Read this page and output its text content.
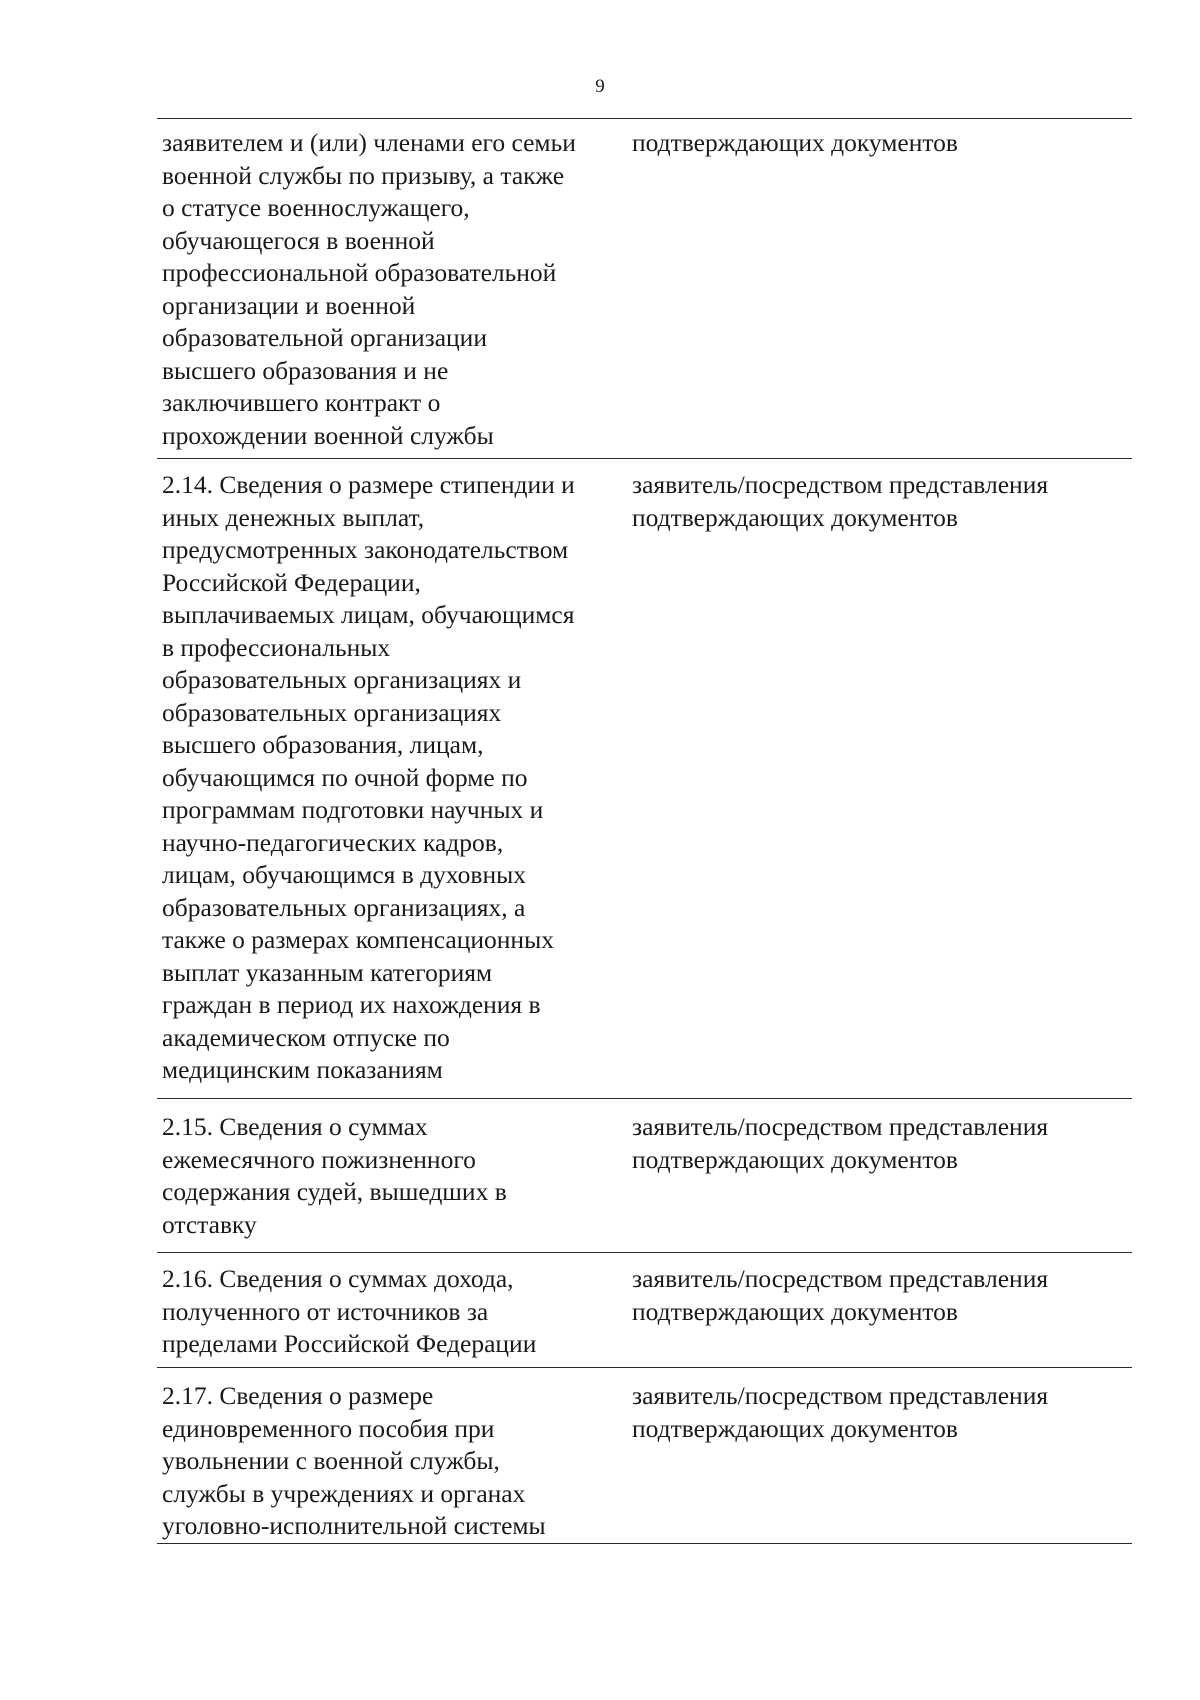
9
заявителем и (или) членами его семьи
военной службы по призыву, а также
о статусе военнослужащего,
обучающегося в военной
профессиональной образовательной
организации и военной
образовательной организации
высшего образования и не
заключившего контракт о
прохождении военной службы
подтверждающих документов
2.14. Сведения о размере стипендии и
иных денежных выплат,
предусмотренных законодательством
Российской Федерации,
выплачиваемых лицам, обучающимся
в профессиональных
образовательных организациях и
образовательных организациях
высшего образования, лицам,
обучающимся по очной форме по
программам подготовки научных и
научно-педагогических кадров,
лицам, обучающимся в духовных
образовательных организациях, а
также о размерах компенсационных
выплат указанным категориям
граждан в период их нахождения в
академическом отпуске по
медицинским показаниям
заявитель/посредством представления
подтверждающих документов
2.15. Сведения о суммах
ежемесячного пожизненного
содержания судей, вышедших в
отставку
заявитель/посредством представления
подтверждающих документов
2.16. Сведения о суммах дохода,
полученного от источников за
пределами Российской Федерации
заявитель/посредством представления
подтверждающих документов
2.17. Сведения о размере
единовременного пособия при
увольнении с военной службы,
службы в учреждениях и органах
уголовно-исполнительной системы
заявитель/посредством представления
подтверждающих документов
